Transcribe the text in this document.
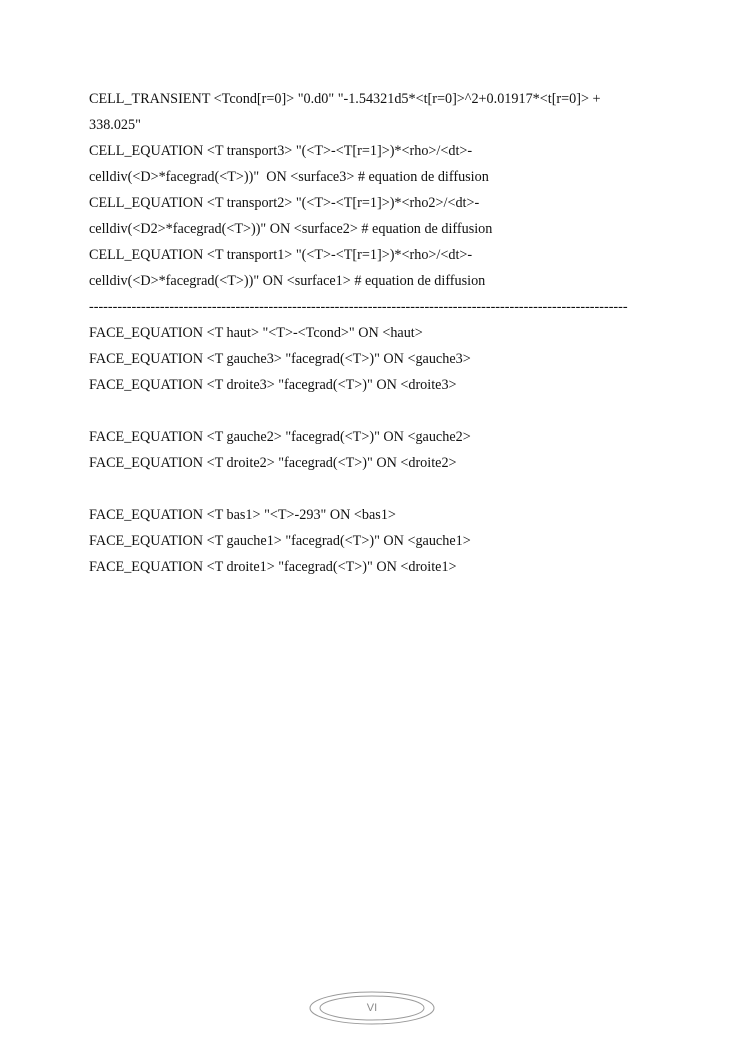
CELL_TRANSIENT <Tcond[r=0]> "0.d0" "-1.54321d5*<t[r=0]>^2+0.01917*<t[r=0]> +
338.025"
CELL_EQUATION <T transport3> "(<T>-<T[r=1]>)*<rho>/<dt>-
celldiv(<D>*facegrad(<T>))"  ON <surface3> # equation de diffusion
CELL_EQUATION <T transport2> "(<T>-<T[r=1]>)*<rho2>/<dt>-
celldiv(<D2>*facegrad(<T>))" ON <surface2> # equation de diffusion
CELL_EQUATION <T transport1> "(<T>-<T[r=1]>)*<rho>/<dt>-
celldiv(<D>*facegrad(<T>))" ON <surface1> # equation de diffusion
------------------------------------------------------------------------------------------------------------------
FACE_EQUATION <T haut> "<T>-<Tcond>" ON <haut>
FACE_EQUATION <T gauche3> "facegrad(<T>)" ON <gauche3>
FACE_EQUATION <T droite3> "facegrad(<T>)" ON <droite3>
FACE_EQUATION <T gauche2> "facegrad(<T>)" ON <gauche2>
FACE_EQUATION <T droite2> "facegrad(<T>)" ON <droite2>
FACE_EQUATION <T bas1> "<T>-293" ON <bas1>
FACE_EQUATION <T gauche1> "facegrad(<T>)" ON <gauche1>
FACE_EQUATION <T droite1> "facegrad(<T>)" ON <droite1>
VI
